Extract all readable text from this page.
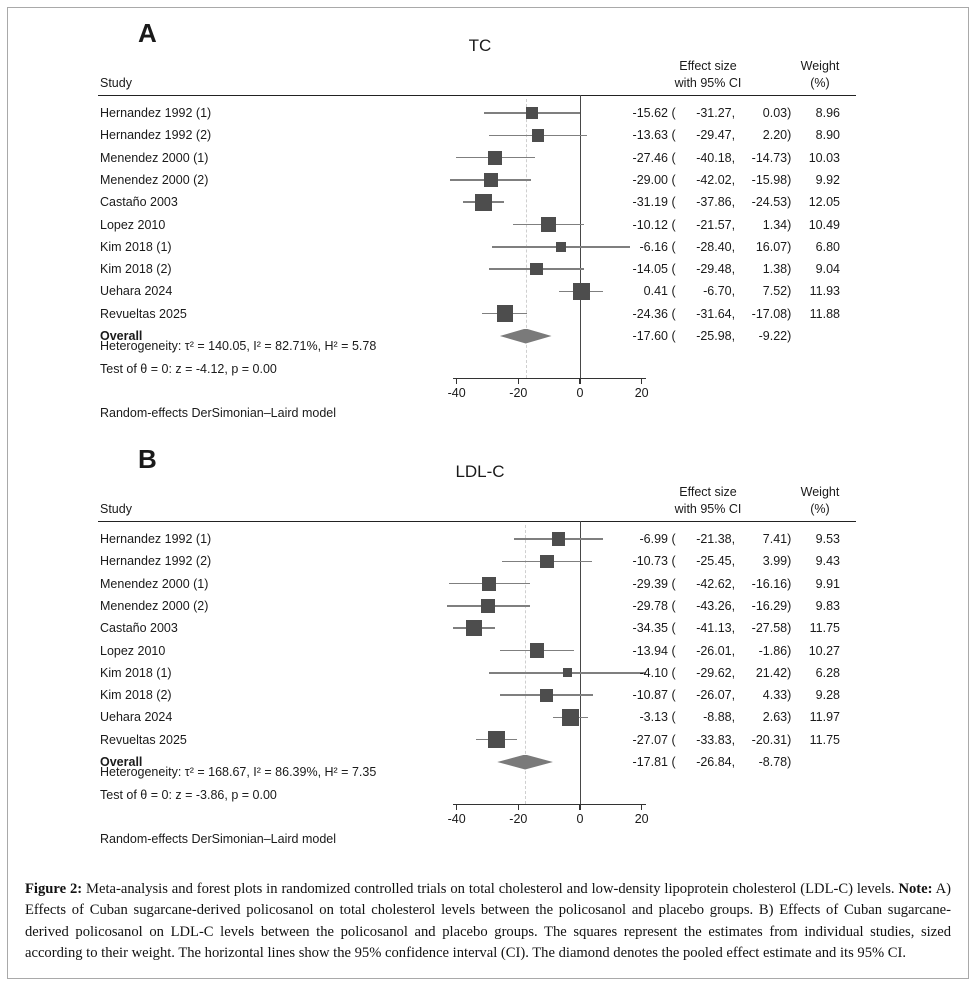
A	TC
Study
Effect size
with 95% CI
Weight
(%)
Hernandez 1992 (1)	-15.62 ( -31.27, 0.03)	8.96
Hernandez 1992 (2)	-13.63 ( -29.47, 2.20)	8.90
Menendez 2000 (1)	-27.46 ( -40.18, -14.73)	10.03
Menendez 2000 (2)	-29.00 ( -42.02, -15.98)	9.92
Castaño 2003	-31.19 ( -37.86, -24.53)	12.05
Lopez 2010	-10.12 ( -21.57, 1.34)	10.49
Kim 2018 (1)	-6.16 ( -28.40, 16.07)	6.80
Kim 2018 (2)	-14.05 ( -29.48, 1.38)	9.04
Uehara 2024	0.41 ( -6.70, 7.52)	11.93
Revueltas 2025	-24.36 ( -31.64, -17.08)	11.88
Overall	-17.60 ( -25.98, -9.22)
Heterogeneity: τ² = 140.05, I² = 82.71%, H² = 5.78
Test of θ = 0: z = -4.12, p = 0.00
-40	-20	0	20
Random-effects DerSimonian–Laird model
B	LDL-C
Study
Effect size
with 95% CI
Weight
(%)
Hernandez 1992 (1)	-6.99 ( -21.38, 7.41)	9.53
Hernandez 1992 (2)	-10.73 ( -25.45, 3.99)	9.43
Menendez 2000 (1)	-29.39 ( -42.62, -16.16)	9.91
Menendez 2000 (2)	-29.78 ( -43.26, -16.29)	9.83
Castaño 2003	-34.35 ( -41.13, -27.58)	11.75
Lopez 2010	-13.94 ( -26.01, -1.86)	10.27
Kim 2018 (1)	-4.10 ( -29.62, 21.42)	6.28
Kim 2018 (2)	-10.87 ( -26.07, 4.33)	9.28
Uehara 2024	-3.13 ( -8.88, 2.63)	11.97
Revueltas 2025	-27.07 ( -33.83, -20.31)	11.75
Overall	-17.81 ( -26.84, -8.78)
Heterogeneity: τ² = 168.67, I² = 86.39%, H² = 7.35
Test of θ = 0: z = -3.86, p = 0.00
-40	-20	0	20
Random-effects DerSimonian–Laird model

Figure 2: Meta-analysis and forest plots in randomized controlled trials on total cholesterol and low-density lipoprotein cholesterol (LDL-C) levels. Note: A) Effects of Cuban sugarcane-derived policosanol on total cholesterol levels between the policosanol and placebo groups. B) Effects of Cuban sugarcane-derived policosanol on LDL-C levels between the policosanol and placebo groups. The squares represent the estimates from individual studies, sized according to their weight. The horizontal lines show the 95% confidence interval (CI). The diamond denotes the pooled effect estimate and its 95% CI.
